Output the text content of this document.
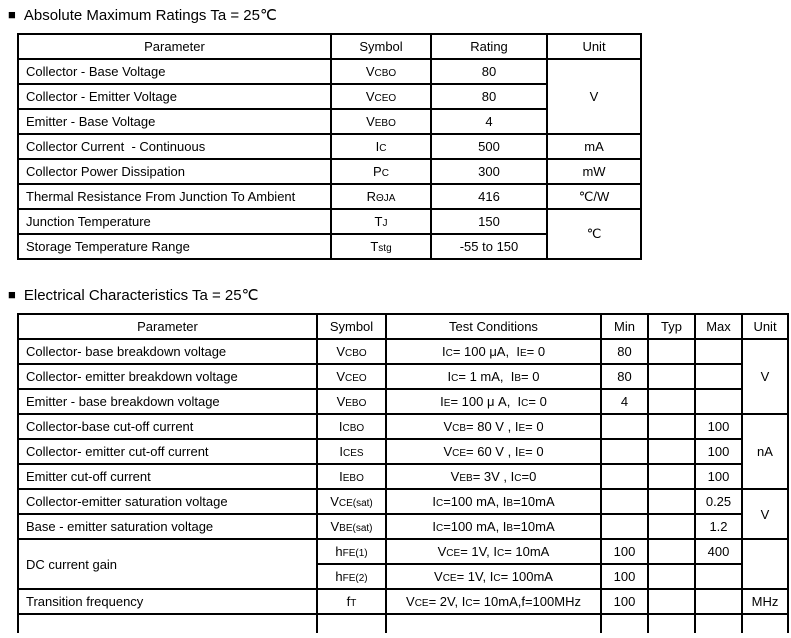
■ Absolute Maximum Ratings Ta = 25℃
Parameter	Symbol	Rating	Unit
Collector - Base Voltage	VCBO	80	V
Collector - Emitter Voltage	VCEO	80	
Emitter - Base Voltage	VEBO	4	
Collector Current  - Continuous	IC	500	mA
Collector Power Dissipation	PC	300	mW
Thermal Resistance From Junction To Ambient	RΘJA	416	℃/W
Junction Temperature	TJ	150	℃
Storage Temperature Range	Tstg	-55 to 150	
■ Electrical Characteristics Ta = 25℃
Parameter	Symbol	Test Conditions	Min	Typ	Max	Unit
Collector- base breakdown voltage	VCBO	IC= 100 μA,  IE= 0	80			V
Collector- emitter breakdown voltage	VCEO	IC= 1 mA,  IB= 0	80			
Emitter - base breakdown voltage	VEBO	IE= 100 μ A,  IC= 0	4			
Collector-base cut-off current	ICBO	VCB= 80 V , IE= 0			100	nA
Collector- emitter cut-off current	ICES	VCE= 60 V , IE= 0			100	
Emitter cut-off current	IEBO	VEB= 3V , IC=0			100	
Collector-emitter saturation voltage	VCE(sat)	IC=100 mA, IB=10mA			0.25	V
Base - emitter saturation voltage	VBE(sat)	IC=100 mA, IB=10mA			1.2	
DC current gain	hFE(1)	VCE= 1V, IC= 10mA	100		400	
	hFE(2)	VCE= 1V, IC= 100mA	100			
Transition frequency	fT	VCE= 2V, IC= 10mA,f=100MHz	100			MHz
